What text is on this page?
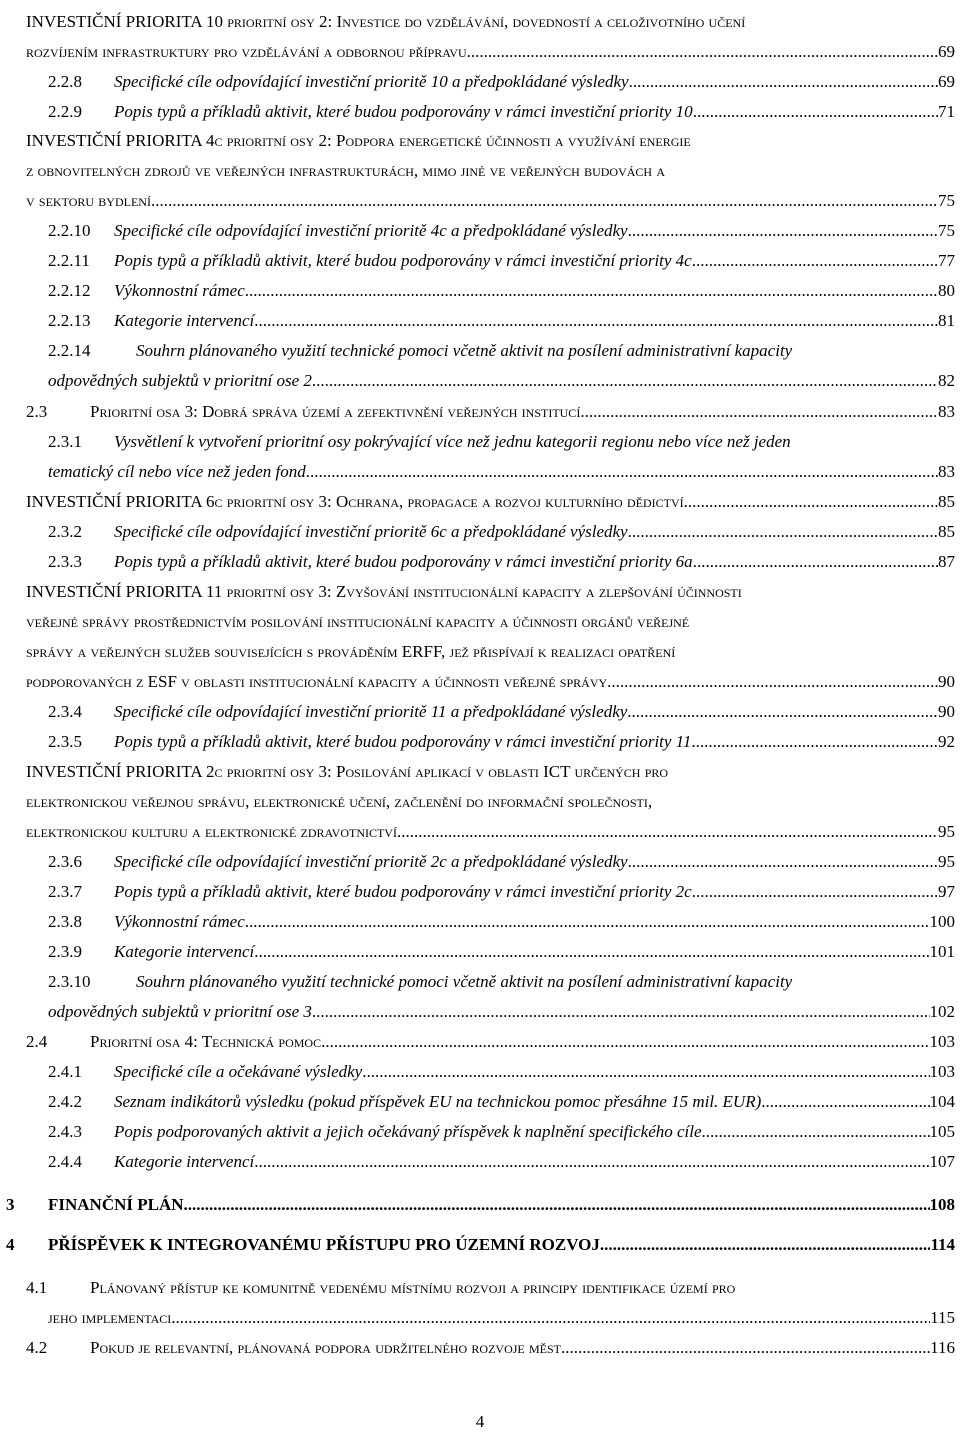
INVESTIČNÍ PRIORITA 10 prioritní osy 2: Investice do vzdělávání, dovedností a celoživotního učení
rozvíjením infrastruktury pro vzdělávání a odbornou přípravu .....	69
2.2.8 Specifické cíle odpovídající investiční prioritě 10 a předpokládané výsledky .....	69
2.2.9 Popis typů a příkladů aktivit, které budou podporovány v rámci investiční priority 10 .....	71
INVESTIČNÍ PRIORITA 4c prioritní osy 2: Podpora energetické účinnosti a využívání energie
z obnovitelných zdrojů ve veřejných infrastrukturách, mimo jiné ve veřejných budovách a
v sektoru bydlení .....	75
2.2.10 Specifické cíle odpovídající investiční prioritě 4c a předpokládané výsledky .....	75
2.2.11 Popis typů a příkladů aktivit, které budou podporovány v rámci investiční priority 4c .....	77
2.2.12 Výkonnostní rámec .....	80
2.2.13 Kategorie intervencí .....	81
2.2.14	Souhrn plánovaného využití technické pomoci včetně aktivit na posílení administrativní kapacity
odpovědných subjektů v prioritní ose 2 .....	82
2.3	Prioritní osa 3: Dobrá správa území a zefektivnění veřejných institucí .....	83
2.3.1 Vysvětlení k vytvoření prioritní osy pokrývající více než jednu kategorii regionu nebo více než jeden
tematický cíl nebo více než jeden fond .....	83
INVESTIČNÍ PRIORITA 6c prioritní osy 3: Ochrana, propagace a rozvoj kulturního dědictví .....	85
2.3.2 Specifické cíle odpovídající investiční prioritě 6c a předpokládané výsledky .....	85
2.3.3 Popis typů a příkladů aktivit, které budou podporovány v rámci investiční priority 6a .....	87
INVESTIČNÍ PRIORITA 11 prioritní osy 3: Zvyšování institucionální kapacity a zlepšování účinnosti
veřejné správy prostřednictvím posilování institucionální kapacity a účinnosti orgánů veřejné
správy a veřejných služeb souvisejících s prováděním ERFF, jež přispívají k realizaci opatření
podporovaných z ESF v oblasti institucionální kapacity a účinnosti veřejné správy .....	90
2.3.4 Specifické cíle odpovídající investiční prioritě 11 a předpokládané výsledky .....	90
2.3.5 Popis typů a příkladů aktivit, které budou podporovány v rámci investiční priority 11 .....	92
INVESTIČNÍ PRIORITA 2c prioritní osy 3: Posilování aplikací v oblasti ICT určených pro
elektronickou veřejnou správu, elektronické učení, začlenění do informační společnosti,
elektronickou kulturu a elektronické zdravotnictví .....	95
2.3.6 Specifické cíle odpovídající investiční prioritě 2c a předpokládané výsledky .....	95
2.3.7 Popis typů a příkladů aktivit, které budou podporovány v rámci investiční priority 2c .....	97
2.3.8 Výkonnostní rámec .....	100
2.3.9 Kategorie intervencí .....	101
2.3.10	Souhrn plánovaného využití technické pomoci včetně aktivit na posílení administrativní kapacity
odpovědných subjektů v prioritní ose 3 .....	102
2.4	Prioritní osa 4: Technická pomoc .....	103
2.4.1 Specifické cíle a očekávané výsledky .....	103
2.4.2 Seznam indikátorů výsledku (pokud příspěvek EU na technickou pomoc přesáhne 15 mil. EUR) .....	104
2.4.3 Popis podporovaných aktivit a jejich očekávaný příspěvek k naplnění specifického cíle .....	105
2.4.4 Kategorie intervencí .....	107
3 FINANČNÍ PLÁN .....	108
4 PŘÍSPĚVEK K INTEGROVANÉMU PŘÍSTUPU PRO ÚZEMNÍ ROZVOJ .....	114
4.1	Plánovaný přístup ke komunitně vedenému místnímu rozvoji a principy identifikace území pro
jeho implementaci .....	115
4.2	Pokud je relevantní, plánovaná podpora udržitelného rozvoje měst .....	116
4
